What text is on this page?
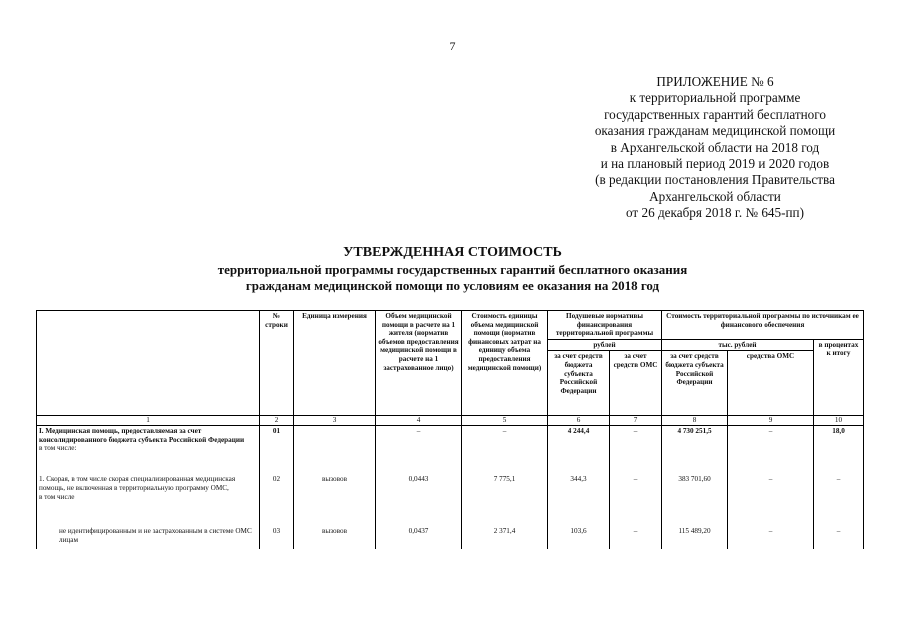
7
ПРИЛОЖЕНИЕ № 6
к территориальной программе
государственных гарантий бесплатного
оказания гражданам медицинской помощи
в Архангельской области на 2018 год
и на плановый период 2019 и 2020 годов
(в редакции постановления Правительства
Архангельской области
от 26 декабря 2018 г. № 645-пп)
УТВЕРЖДЕННАЯ СТОИМОСТЬ
территориальной программы государственных гарантий бесплатного оказания
гражданам медицинской помощи по условиям ее оказания на 2018 год
	№ строки	Единица измерения	Объем медицинской помощи в расчете на 1 жителя (норматив объемов предоставления медицинской помощи в расчете на 1 застрахованное лицо)	Стоимость единицы объема медицинской помощи (норматив финансовых затрат на единицу объема предоставления медицинской помощи)	Подушевые нормативы финансирования территориальной программы		Стоимость территориальной программы по источникам ее финансового обеспечения		
					рублей		тыс. рублей		в процентах к итогу
					за счет средств бюджета субъекта Российской Федерации	за счет средств ОМС	за счет средств бюджета субъекта Российской Федерации	средства ОМС	
1	2	3	4	5	6	7	8	9	10

I. Медицинская помощь, предоставляемая за счет консолидированного бюджета субъекта Российской Федерации
в том числе:	01		–	–	4 244,4	–	4 730 251,5	–	18,0

1. Скорая, в том числе скорая специализированная медицинская помощь, не включенная в территориальную программу ОМС,
в том числе	02	вызовов	0,0443	7 775,1	344,3	–	383 701,60	–	–

не идентифицированным и не застрахованным в системе ОМС лицам	03	вызовов	0,0437	2 371,4	103,6	–	115 489,20	–	–
